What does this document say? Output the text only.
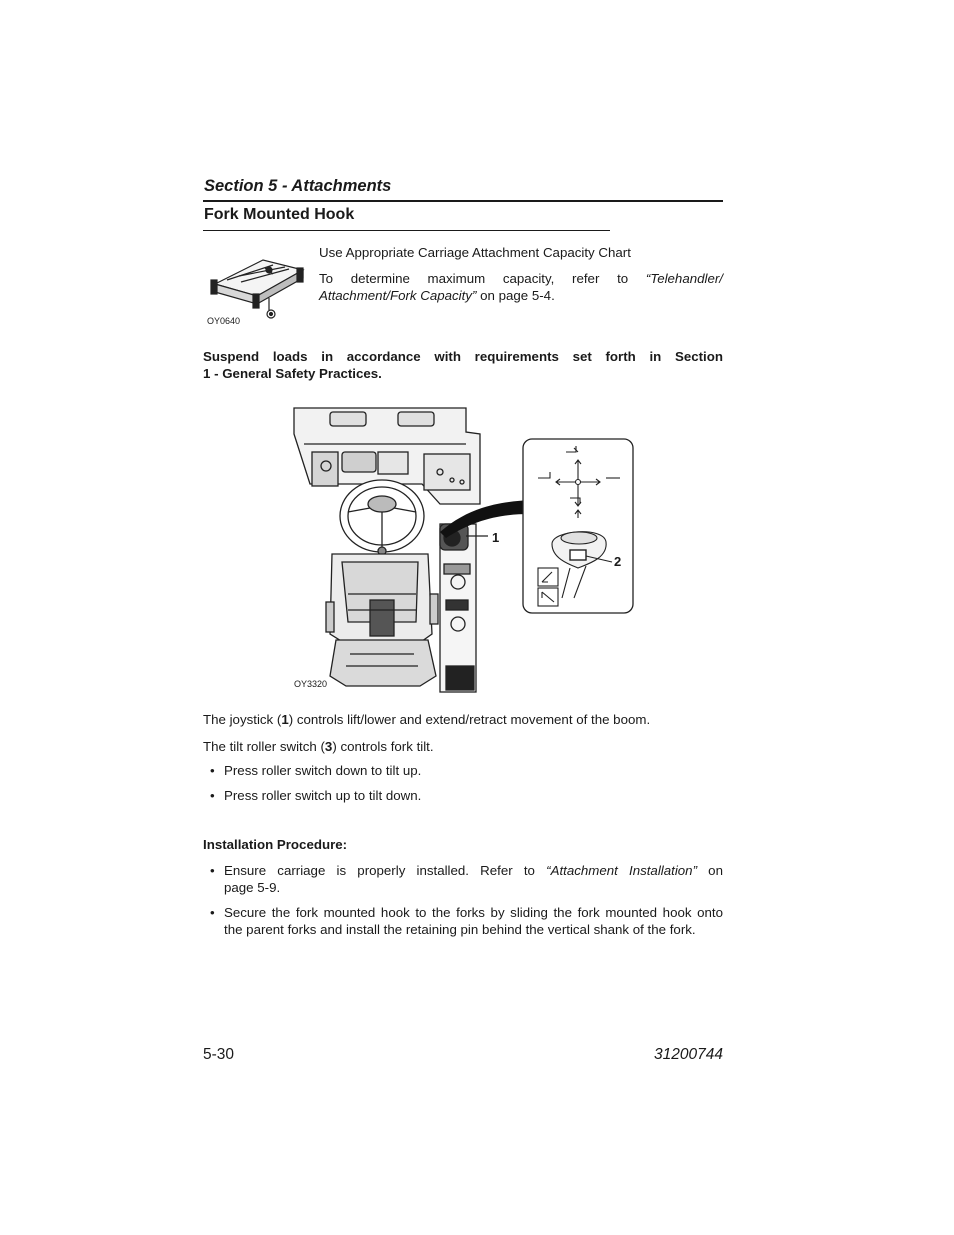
Section 5 - Attachments
Fork Mounted Hook
OY0640
Use Appropriate Carriage Attachment Capacity Chart
To determine maximum capacity, refer to “Telehandler/
Attachment/Fork Capacity” on page 5-4.
Suspend loads in accordance with requirements set forth in Section
1 - General Safety Practices.
1
OY3320
2
The joystick (1) controls lift/lower and extend/retract movement of the boom.
The tilt roller switch (3) controls fork tilt.
• Press roller switch down to tilt up.
• Press roller switch up to tilt down.
Installation Procedure:
• Ensure carriage is properly installed. Refer to “Attachment Installation” on
page 5-9.
• Secure the fork mounted hook to the forks by sliding the fork mounted hook onto
the parent forks and install the retaining pin behind the vertical shank of the fork.
5-30	31200744
